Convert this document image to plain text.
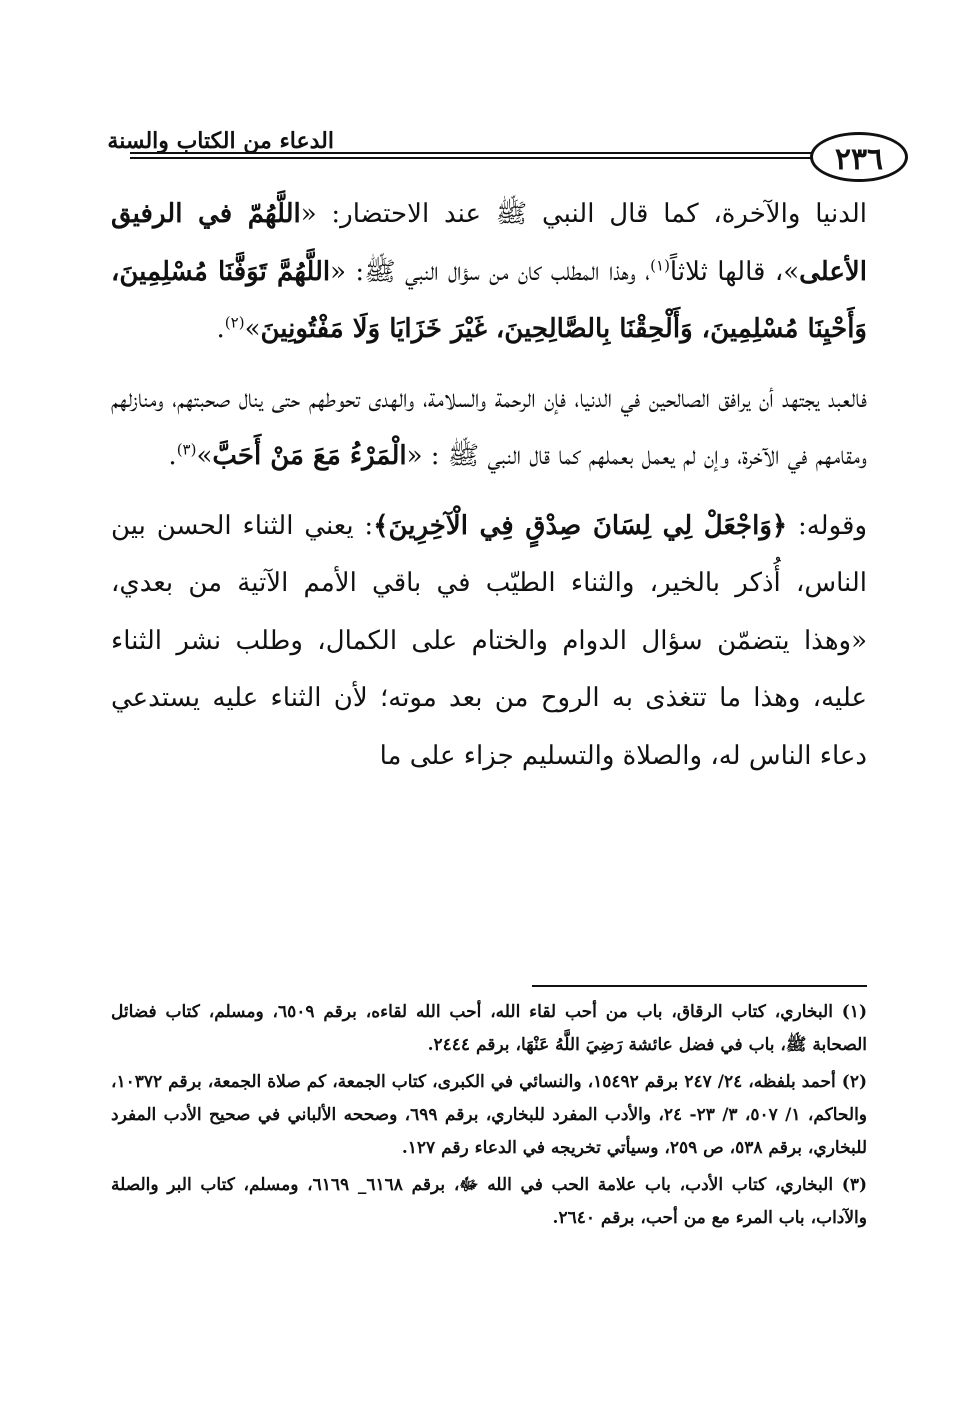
الدعاء من الكتاب والسنة
٢٣٦

الدنيا والآخرة، كما قال النبي ﷺ عند الاحتضار: «اللَّهُمّ في الرفيق الأعلى»، قالها ثلاثاً$^{(١)}$، وهذا المطلب كان من سؤال النبي ﷺ: «اللَّهُمَّ تَوَفَّنَا مُسْلِمِينَ، وَأَحْيِنَا مُسْلِمِينَ، وَأَلْحِقْنَا بِالصَّالِحِينَ، غَيْرَ خَزَايَا وَلَا مَفْتُونِينَ»$^{(٢)}$.

فالعبد يجتهد أن يرافق الصالحين في الدنيا، فإن الرحمة والسلامة، والهدى تحوطهم حتى ينال صحبتهم، ومنازلهم ومقامهم في الآخرة، وإن لم يعمل بعملهم كما قال النبي ﷺ : «الْمَرْءُ مَعَ مَنْ أَحَبَّ»$^{(٣)}$.

وقوله: ﴿وَاجْعَلْ لِي لِسَانَ صِدْقٍ فِي الْآخِرِينَ﴾: يعني الثناء الحسن بين الناس، أُذكر بالخير، والثناء الطيّب في باقي الأمم الآتية من بعدي، «وهذا يتضمّن سؤال الدوام والختام على الكمال، وطلب نشر الثناء عليه، وهذا ما تتغذى به الروح من بعد موته؛ لأن الثناء عليه يستدعي دعاء الناس له، والصلاة والتسليم جزاء على ما

(١) البخاري، كتاب الرقاق، باب من أحب لقاء الله، أحب الله لقاءه، برقم ٦٥٠٩، ومسلم، كتاب فضائل الصحابة ﷺ، باب في فضل عائشة رَضِيَ اللَّهُ عَنْهَا، برقم ٢٤٤٤.

(٢) أحمد بلفظه، ٢٤/ ٢٤٧ برقم ١٥٤٩٢، والنسائي في الكبرى، كتاب الجمعة، كم صلاة الجمعة، برقم ١٠٣٧٢، والحاكم، ١/ ٥٠٧، ٣/ ٢٣- ٢٤، والأدب المفرد للبخاري، برقم ٦٩٩، وصححه الألباني في صحيح الأدب المفرد للبخاري، برقم ٥٣٨، ص ٢٥٩، وسيأتي تخريجه في الدعاء رقم ١٢٧.

(٣) البخاري، كتاب الأدب، باب علامة الحب في الله ﷻ، برقم ٦١٦٨_ ٦١٦٩، ومسلم، كتاب البر والصلة والآداب، باب المرء مع من أحب، برقم ٢٦٤٠.
